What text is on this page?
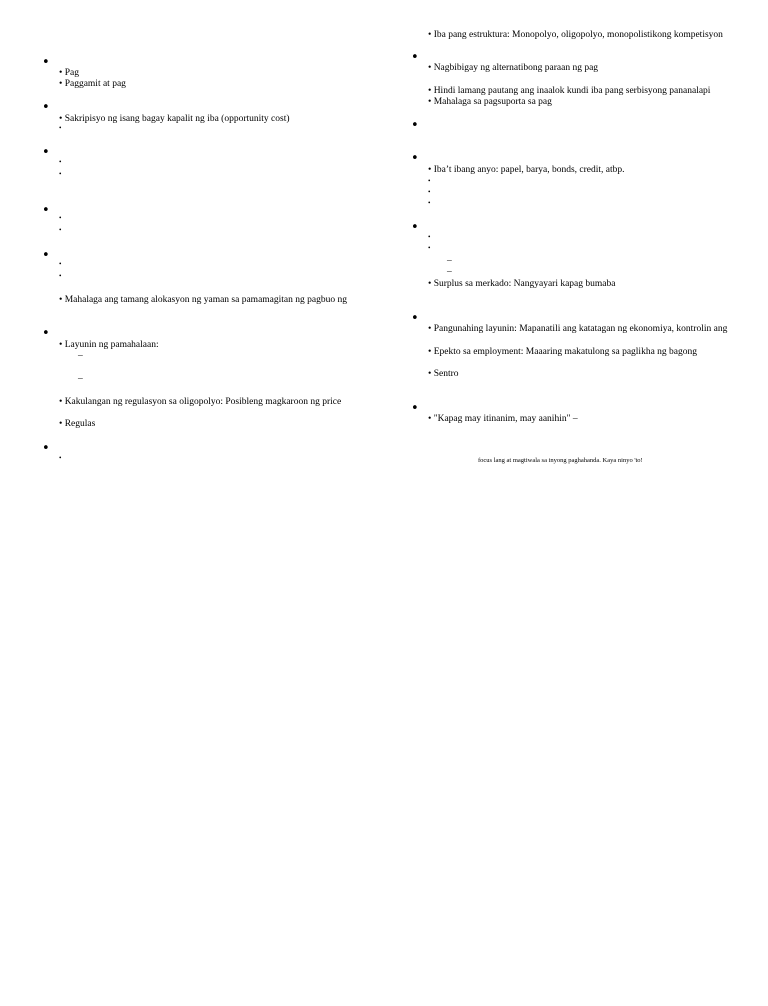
•
•
•
•
•
•
•
• Pag
• Paggamit at pag
• Sakripisyo ng isang bagay kapalit ng iba (opportunity cost)
•
•
•
•
•
•
•
• Mahalaga ang tamang alokasyon ng yaman sa pamamagitan ng pagbuo ng
• Layunin ng pamahalaan:
–
–
• Kakulangan ng regulasyon sa oligopolyo: Posibleng magkaroon ng price
• Regulas
•
•
•
•
•
•
•
• Iba pang estruktura: Monopolyo, oligopolyo, monopolistikong kompetisyon
• Nagbibigay ng alternatibong paraan ng pag
• Hindi lamang pautang ang inaalok kundi iba pang serbisyong pananalapi
• Mahalaga sa pagsuporta sa pag
• Iba’t ibang anyo: papel, barya, bonds, credit, atbp.
•
•
•
•
•
–
–
• Surplus sa merkado: Nangyayari kapag bumaba
• Pangunahing layunin: Mapanatili ang katatagan ng ekonomiya, kontrolin ang
• Epekto sa employment: Maaaring makatulong sa paglikha ng bagong
• Sentro
• "Kapag may itinanim, may aanihin" –
focus lang at magtiwala sa inyong paghahanda. Kaya ninyo 'to!
